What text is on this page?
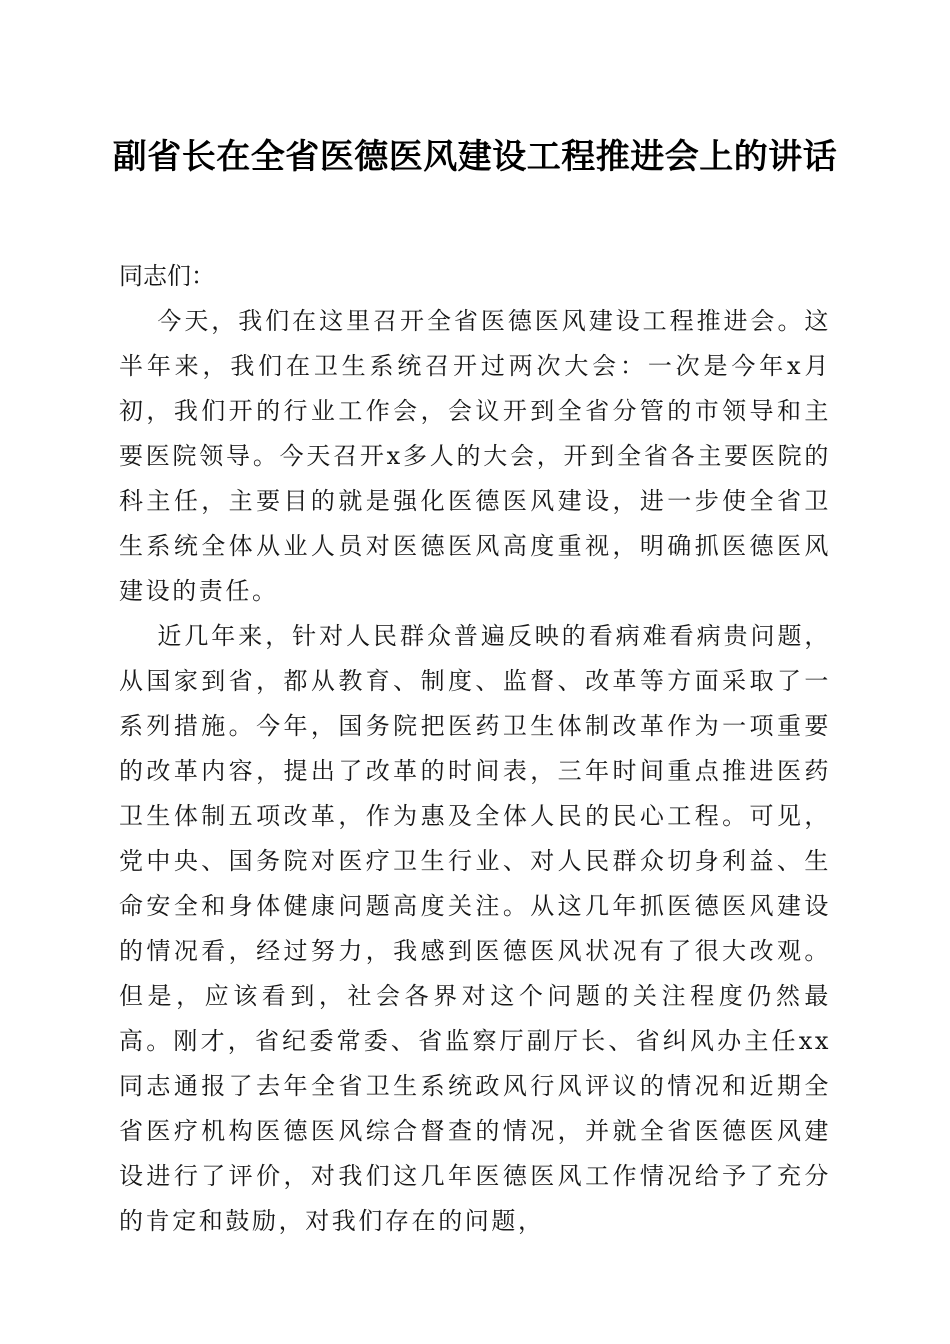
副省长在全省医德医风建设工程推进会上的讲话

同志们：

今天，我们在这里召开全省医德医风建设工程推进会。这半年来，我们在卫生系统召开过两次大会：一次是今年x月初，我们开的行业工作会，会议开到全省分管的市领导和主要医院领导。今天召开x多人的大会，开到全省各主要医院的科主任，主要目的就是强化医德医风建设，进一步使全省卫生系统全体从业人员对医德医风高度重视，明确抓医德医风建设的责任。

近几年来，针对人民群众普遍反映的看病难看病贵问题，从国家到省，都从教育、制度、监督、改革等方面采取了一系列措施。今年，国务院把医药卫生体制改革作为一项重要的改革内容，提出了改革的时间表，三年时间重点推进医药卫生体制五项改革，作为惠及全体人民的民心工程。可见，党中央、国务院对医疗卫生行业、对人民群众切身利益、生命安全和身体健康问题高度关注。从这几年抓医德医风建设的情况看，经过努力，我感到医德医风状况有了很大改观。但是，应该看到，社会各界对这个问题的关注程度仍然最高。刚才，省纪委常委、省监察厅副厅长、省纠风办主任xx同志通报了去年全省卫生系统政风行风评议的情况和近期全省医疗机构医德医风综合督查的情况，并就全省医德医风建设进行了评价，对我们这几年医德医风工作情况给予了充分的肯定和鼓励，对我们存在的问题，
